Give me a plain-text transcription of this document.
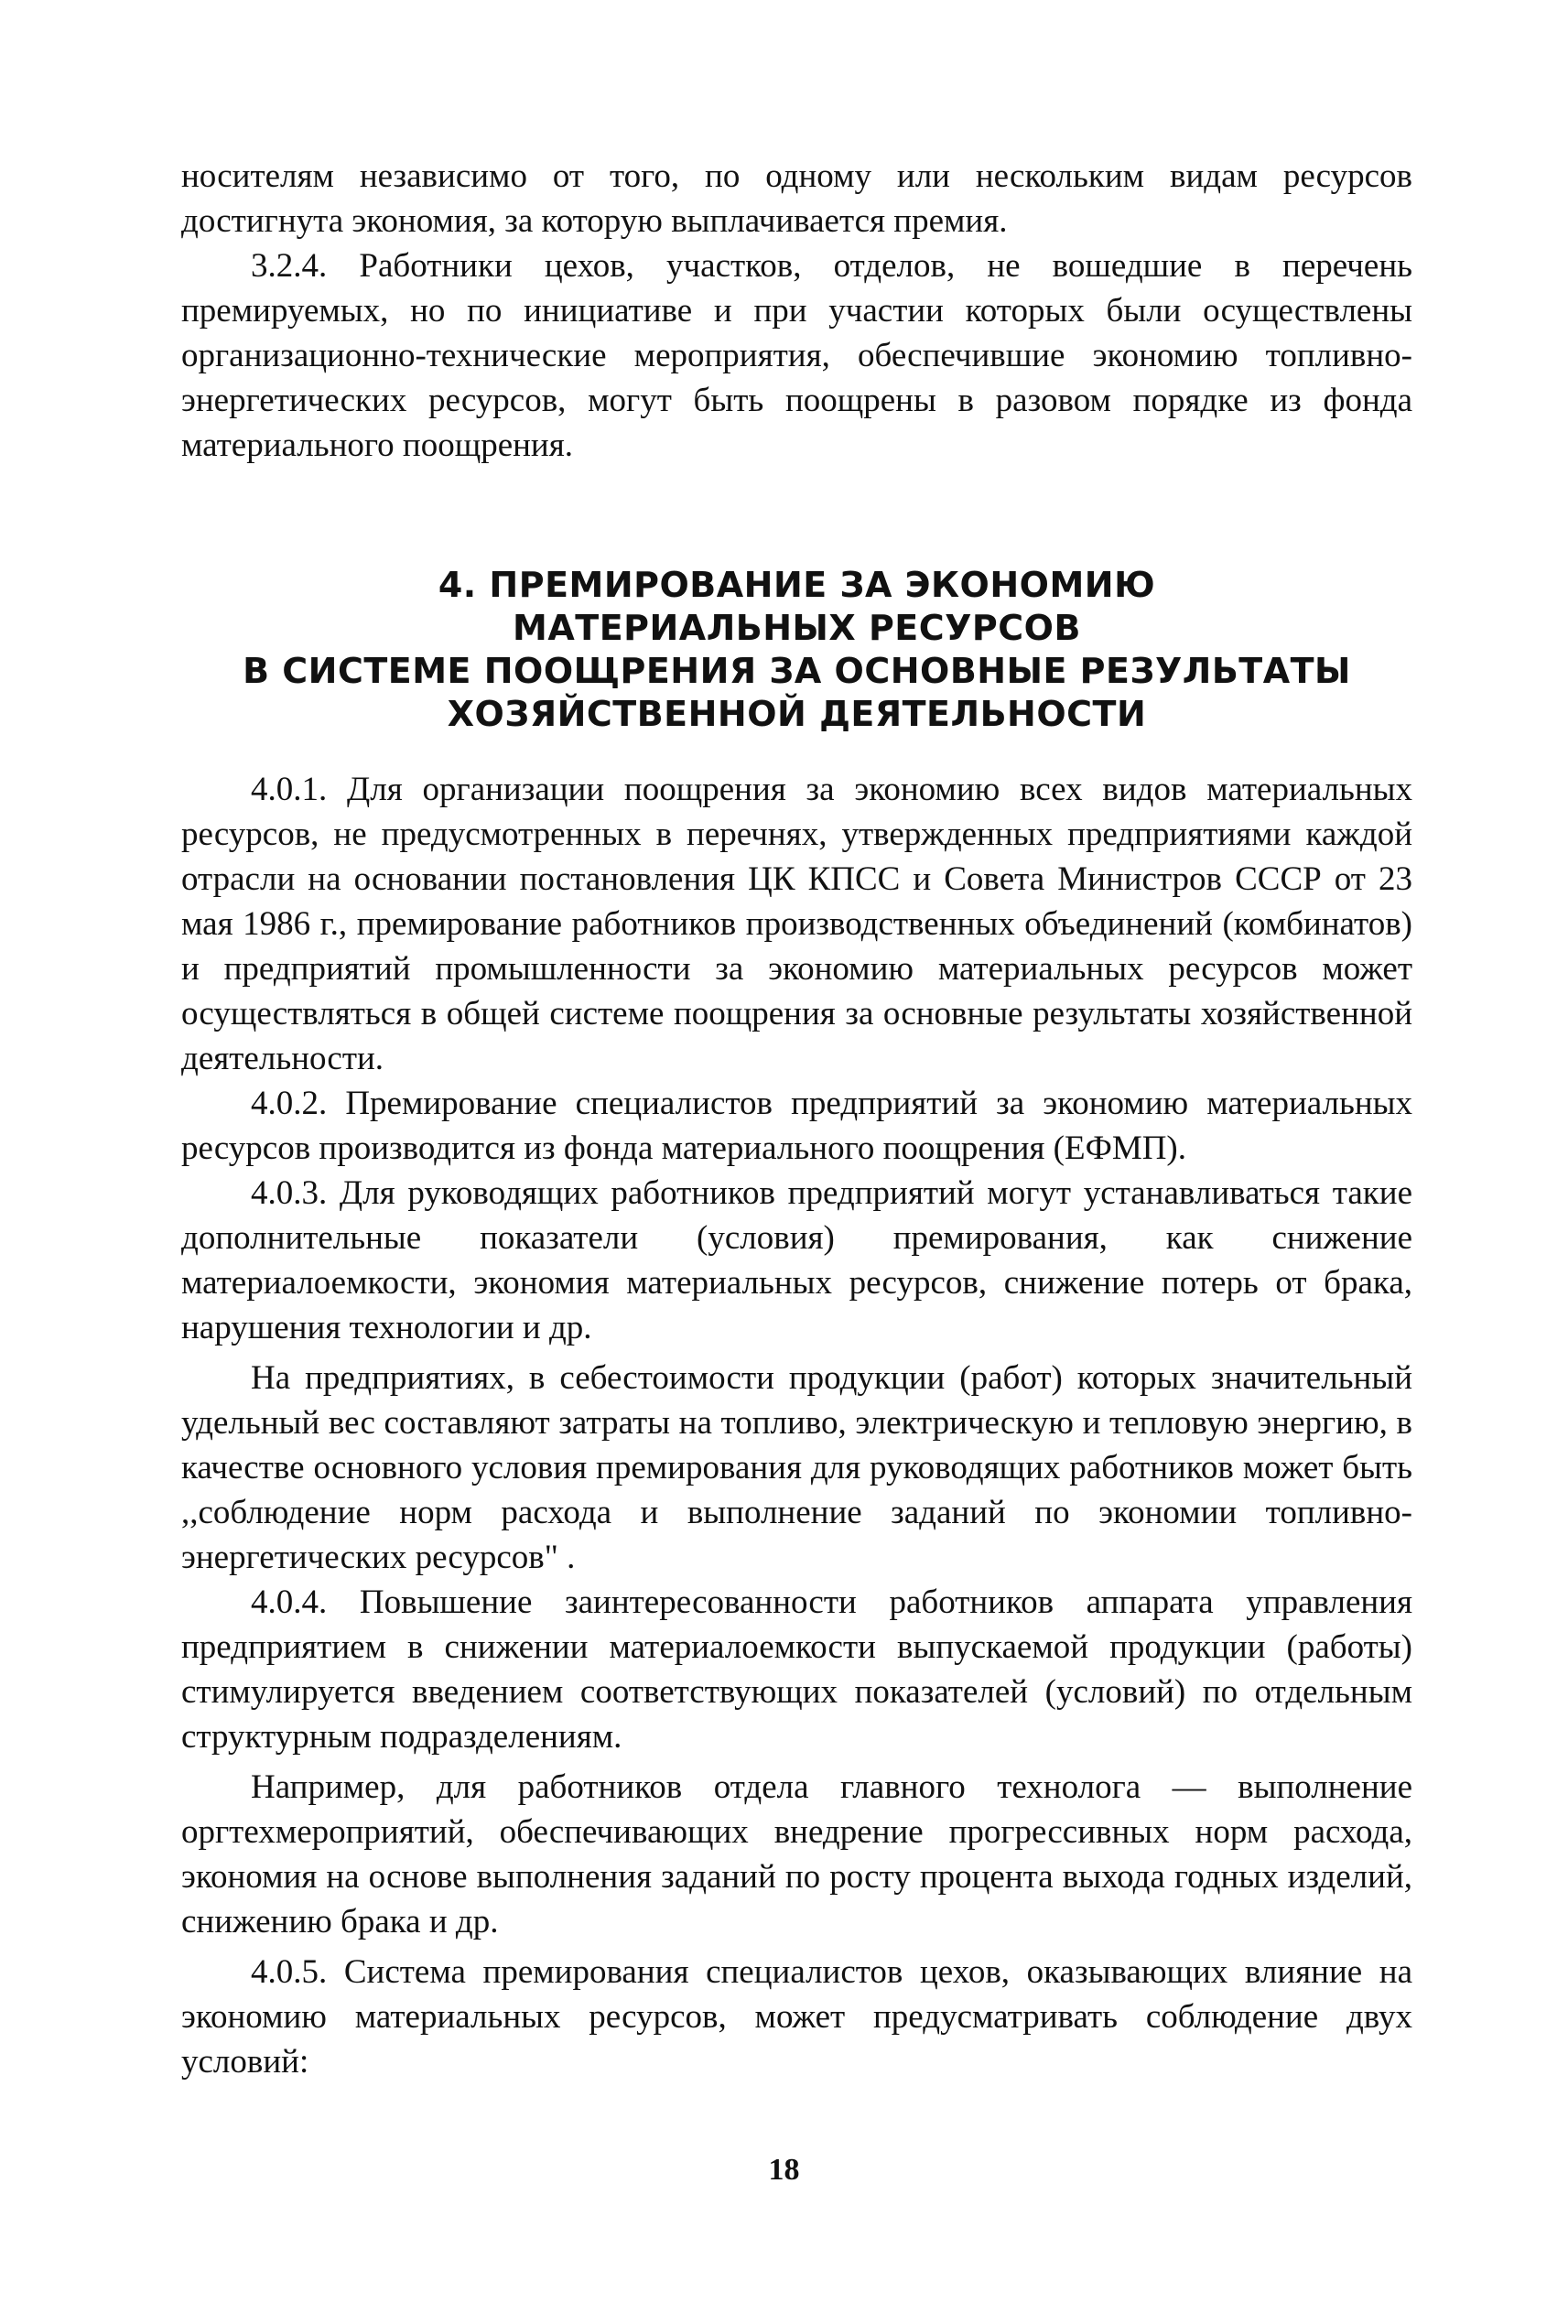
носителям независимо от того, по одному или нескольким видам ресурсов достигнута экономия, за которую выплачивается премия.

3.2.4. Работники цехов, участков, отделов, не вошедшие в перечень премируемых, но по инициативе и при участии которых были осуществлены организационно-технические мероприятия, обеспечившие экономию топливно-энергетических ресурсов, могут быть поощрены в разовом порядке из фонда материального поощрения.

4. ПРЕМИРОВАНИЕ ЗА ЭКОНОМИЮ
МАТЕРИАЛЬНЫХ РЕСУРСОВ
В СИСТЕМЕ ПООЩРЕНИЯ ЗА ОСНОВНЫЕ РЕЗУЛЬТАТЫ
ХОЗЯЙСТВЕННОЙ ДЕЯТЕЛЬНОСТИ

4.0.1. Для организации поощрения за экономию всех видов материальных ресурсов, не предусмотренных в перечнях, утвержденных предприятиями каждой отрасли на основании постановления ЦК КПСС и Совета Министров СССР от 23 мая 1986 г., премирование работников производственных объединений (комбинатов) и предприятий промышленности за экономию материальных ресурсов может осуществляться в общей системе поощрения за основные результаты хозяйственной деятельности.

4.0.2. Премирование специалистов предприятий за экономию материальных ресурсов производится из фонда материального поощрения (ЕФМП).

4.0.3. Для руководящих работников предприятий могут устанавливаться такие дополнительные показатели (условия) премирования, как снижение материалоемкости, экономия материальных ресурсов, снижение потерь от брака, нарушения технологии и др.

На предприятиях, в себестоимости продукции (работ) которых значительный удельный вес составляют затраты на топливо, электрическую и тепловую энергию, в качестве основного условия премирования для руководящих работников может быть ,,соблюдение норм расхода и выполнение заданий по экономии топливно-энергетических ресурсов" .

4.0.4. Повышение заинтересованности работников аппарата управления предприятием в снижении материалоемкости выпускаемой продукции (работы) стимулируется введением соответствующих показателей (условий) по отдельным структурным подразделениям.

Например, для работников отдела главного технолога — выполнение оргтехмероприятий, обеспечивающих внедрение прогрессивных норм расхода, экономия на основе выполнения заданий по росту процента выхода годных изделий, снижению брака и др.

4.0.5. Система премирования специалистов цехов, оказывающих влияние на экономию материальных ресурсов, может предусматривать соблюдение двух условий:

18
